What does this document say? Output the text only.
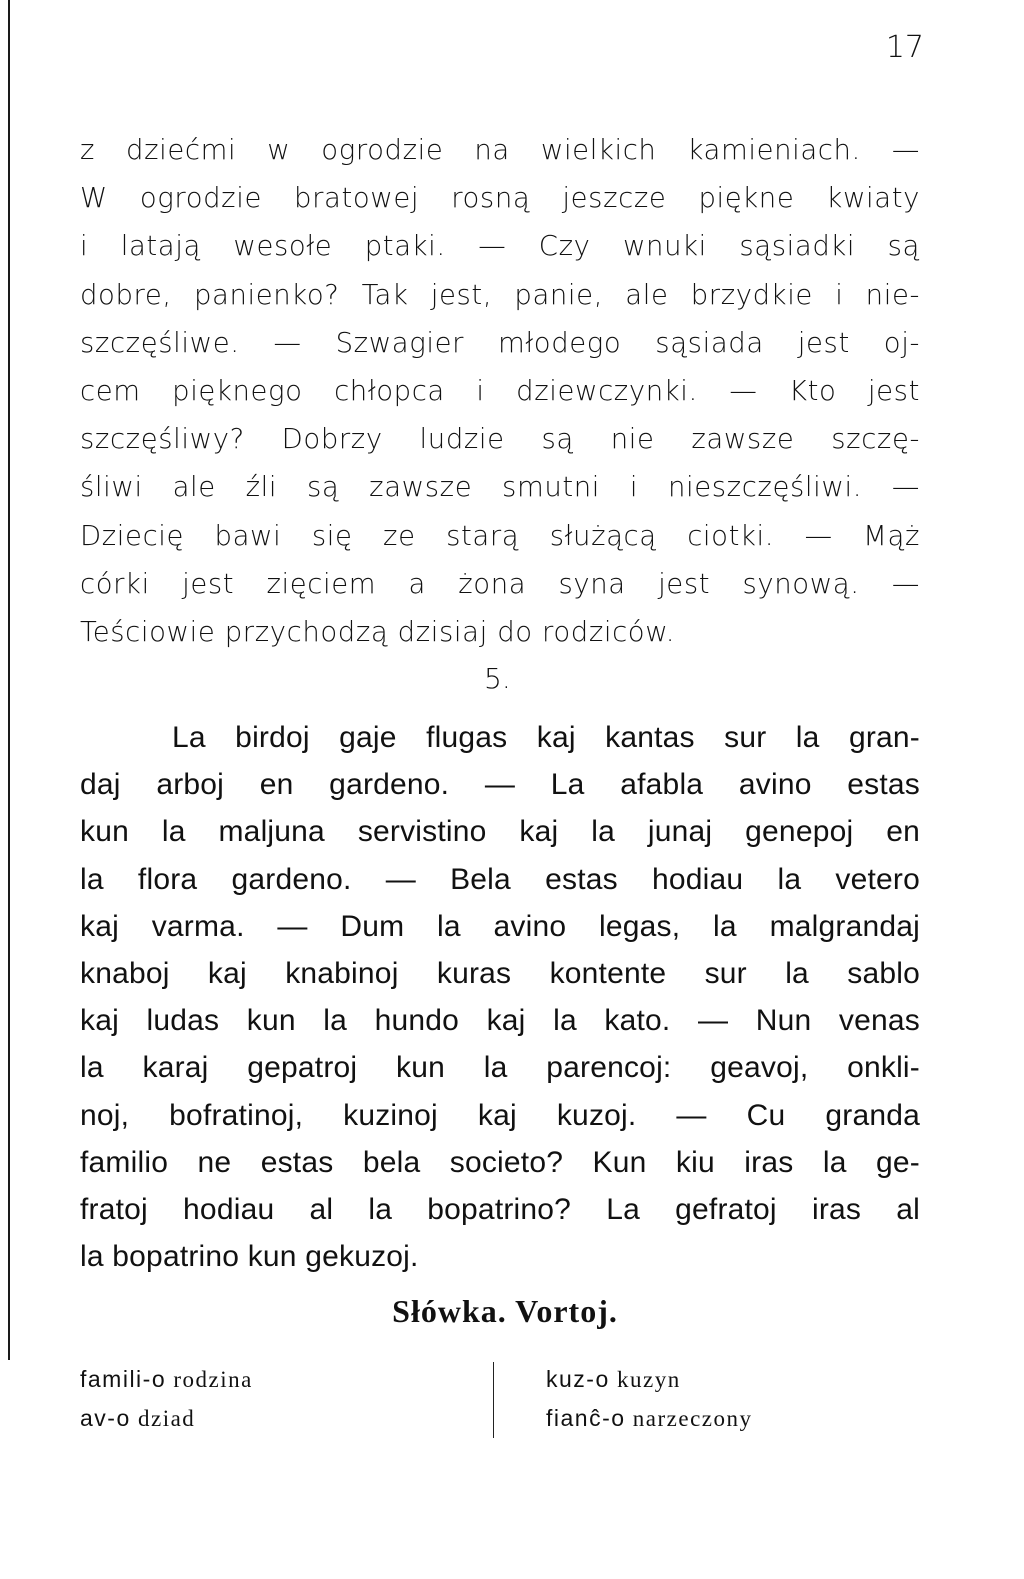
17
z dziećmi w ogrodzie na wielkich kamieniach. —
W ogrodzie bratowej rosną jeszcze piękne kwiaty
i latają wesołe ptaki. — Czy wnuki sąsiadki są
dobre, panienko? Tak jest, panie, ale brzydkie i nie-
szczęśliwe. — Szwagier młodego sąsiada jest oj-
cem pięknego chłopca i dziewczynki. — Kto jest
szczęśliwy? Dobrzy ludzie są nie zawsze szczę-
śliwi ale źli są zawsze smutni i nieszczęśliwi. —
Dziecię bawi się ze starą służącą ciotki. — Mąż
córki jest zięciem a żona syna jest synową. —
Teściowie przychodzą dzisiaj do rodziców.
5.
La birdoj gaje flugas kaj kantas sur la gran-
daj arboj en gardeno. — La afabla avino estas
kun la maljuna servistino kaj la junaj genepoj en
la flora gardeno. — Bela estas hodiau la vetero
kaj varma. — Dum la avino legas, la malgrandaj
knaboj kaj knabinoj kuras kontente sur la sablo
kaj ludas kun la hundo kaj la kato. — Nun venas
la karaj gepatroj kun la parencoj: geavoj, onkli-
noj, bofratinoj, kuzinoj kaj kuzoj. — Cu granda
familio ne estas bela societo? Kun kiu iras la ge-
fratoj hodiau al la bopatrino? La gefratoj iras al
la bopatrino kun gekuzoj.
Słówka. Vortoj.
famili-o rodzina
av-o dziad
kuz-o kuzyn
fianĉ-o narzeczony
